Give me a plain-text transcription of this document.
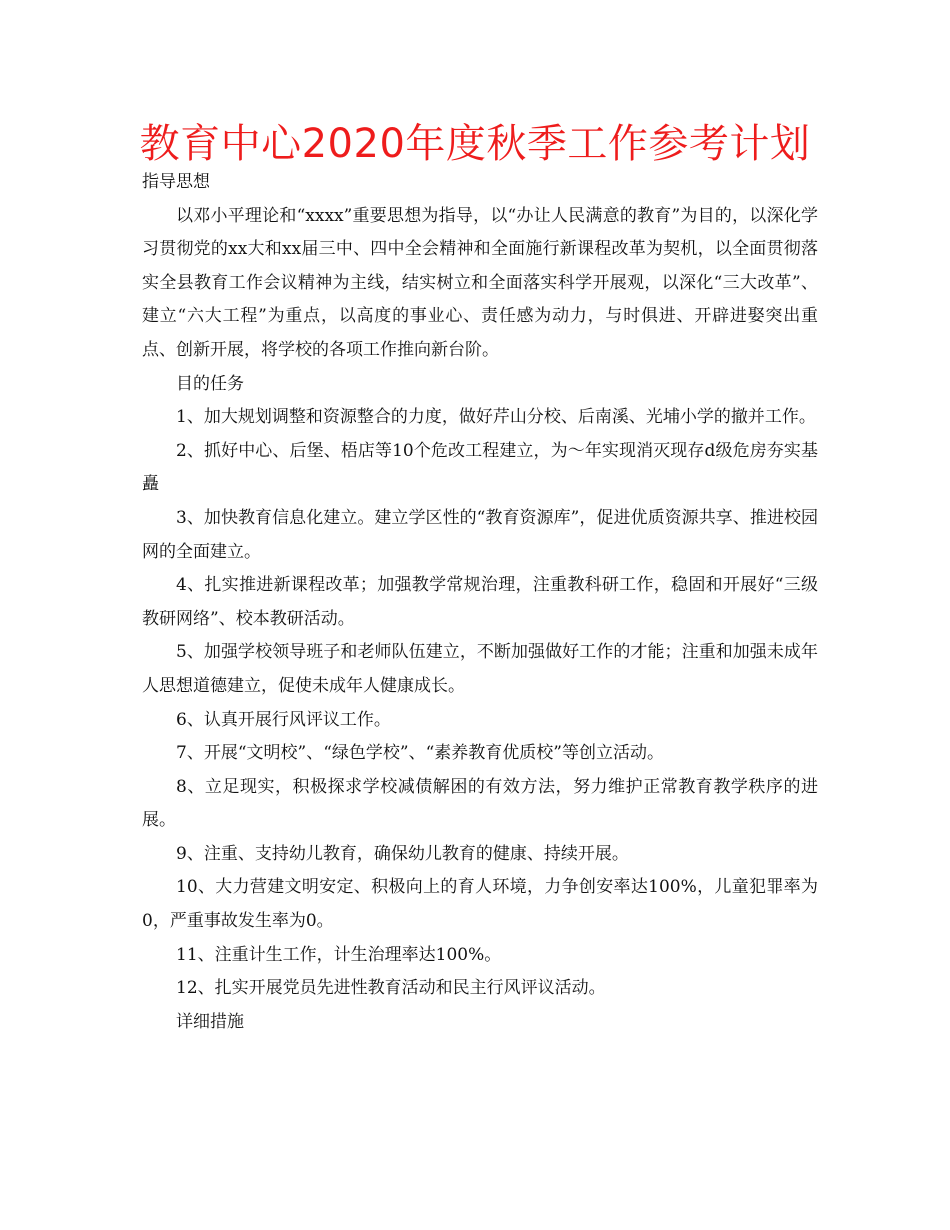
教育中心2020年度秋季工作参考计划

指导思想

以邓小平理论和“xxxx”重要思想为指导，以“办让人民满意的教育”为目的，以深化学习贯彻党的xx大和xx届三中、四中全会精神和全面施行新课程改革为契机，以全面贯彻落实全县教育工作会议精神为主线，结实树立和全面落实科学开展观，以深化“三大改革”、建立“六大工程”为重点，以高度的事业心、责任感为动力，与时俱进、开辟进娶突出重点、创新开展，将学校的各项工作推向新台阶。

目的任务

1、加大规划调整和资源整合的力度，做好芹山分校、后南溪、光埔小学的撤并工作。

2、抓好中心、后堡、梧店等10个危改工程建立，为～年实现消灭现存d级危房夯实基矗

3、加快教育信息化建立。建立学区性的“教育资源库”，促进优质资源共享、推进校园网的全面建立。

4、扎实推进新课程改革；加强教学常规治理，注重教科研工作，稳固和开展好“三级教研网络”、校本教研活动。

5、加强学校领导班子和老师队伍建立，不断加强做好工作的才能；注重和加强未成年人思想道德建立，促使未成年人健康成长。

6、认真开展行风评议工作。

7、开展“文明校”、“绿色学校”、“素养教育优质校”等创立活动。

8、立足现实，积极探求学校减债解困的有效方法，努力维护正常教育教学秩序的进展。

9、注重、支持幼儿教育，确保幼儿教育的健康、持续开展。

10、大力营建文明安定、积极向上的育人环境，力争创安率达100%，儿童犯罪率为0，严重事故发生率为0。

11、注重计生工作，计生治理率达100%。

12、扎实开展党员先进性教育活动和民主行风评议活动。

详细措施
